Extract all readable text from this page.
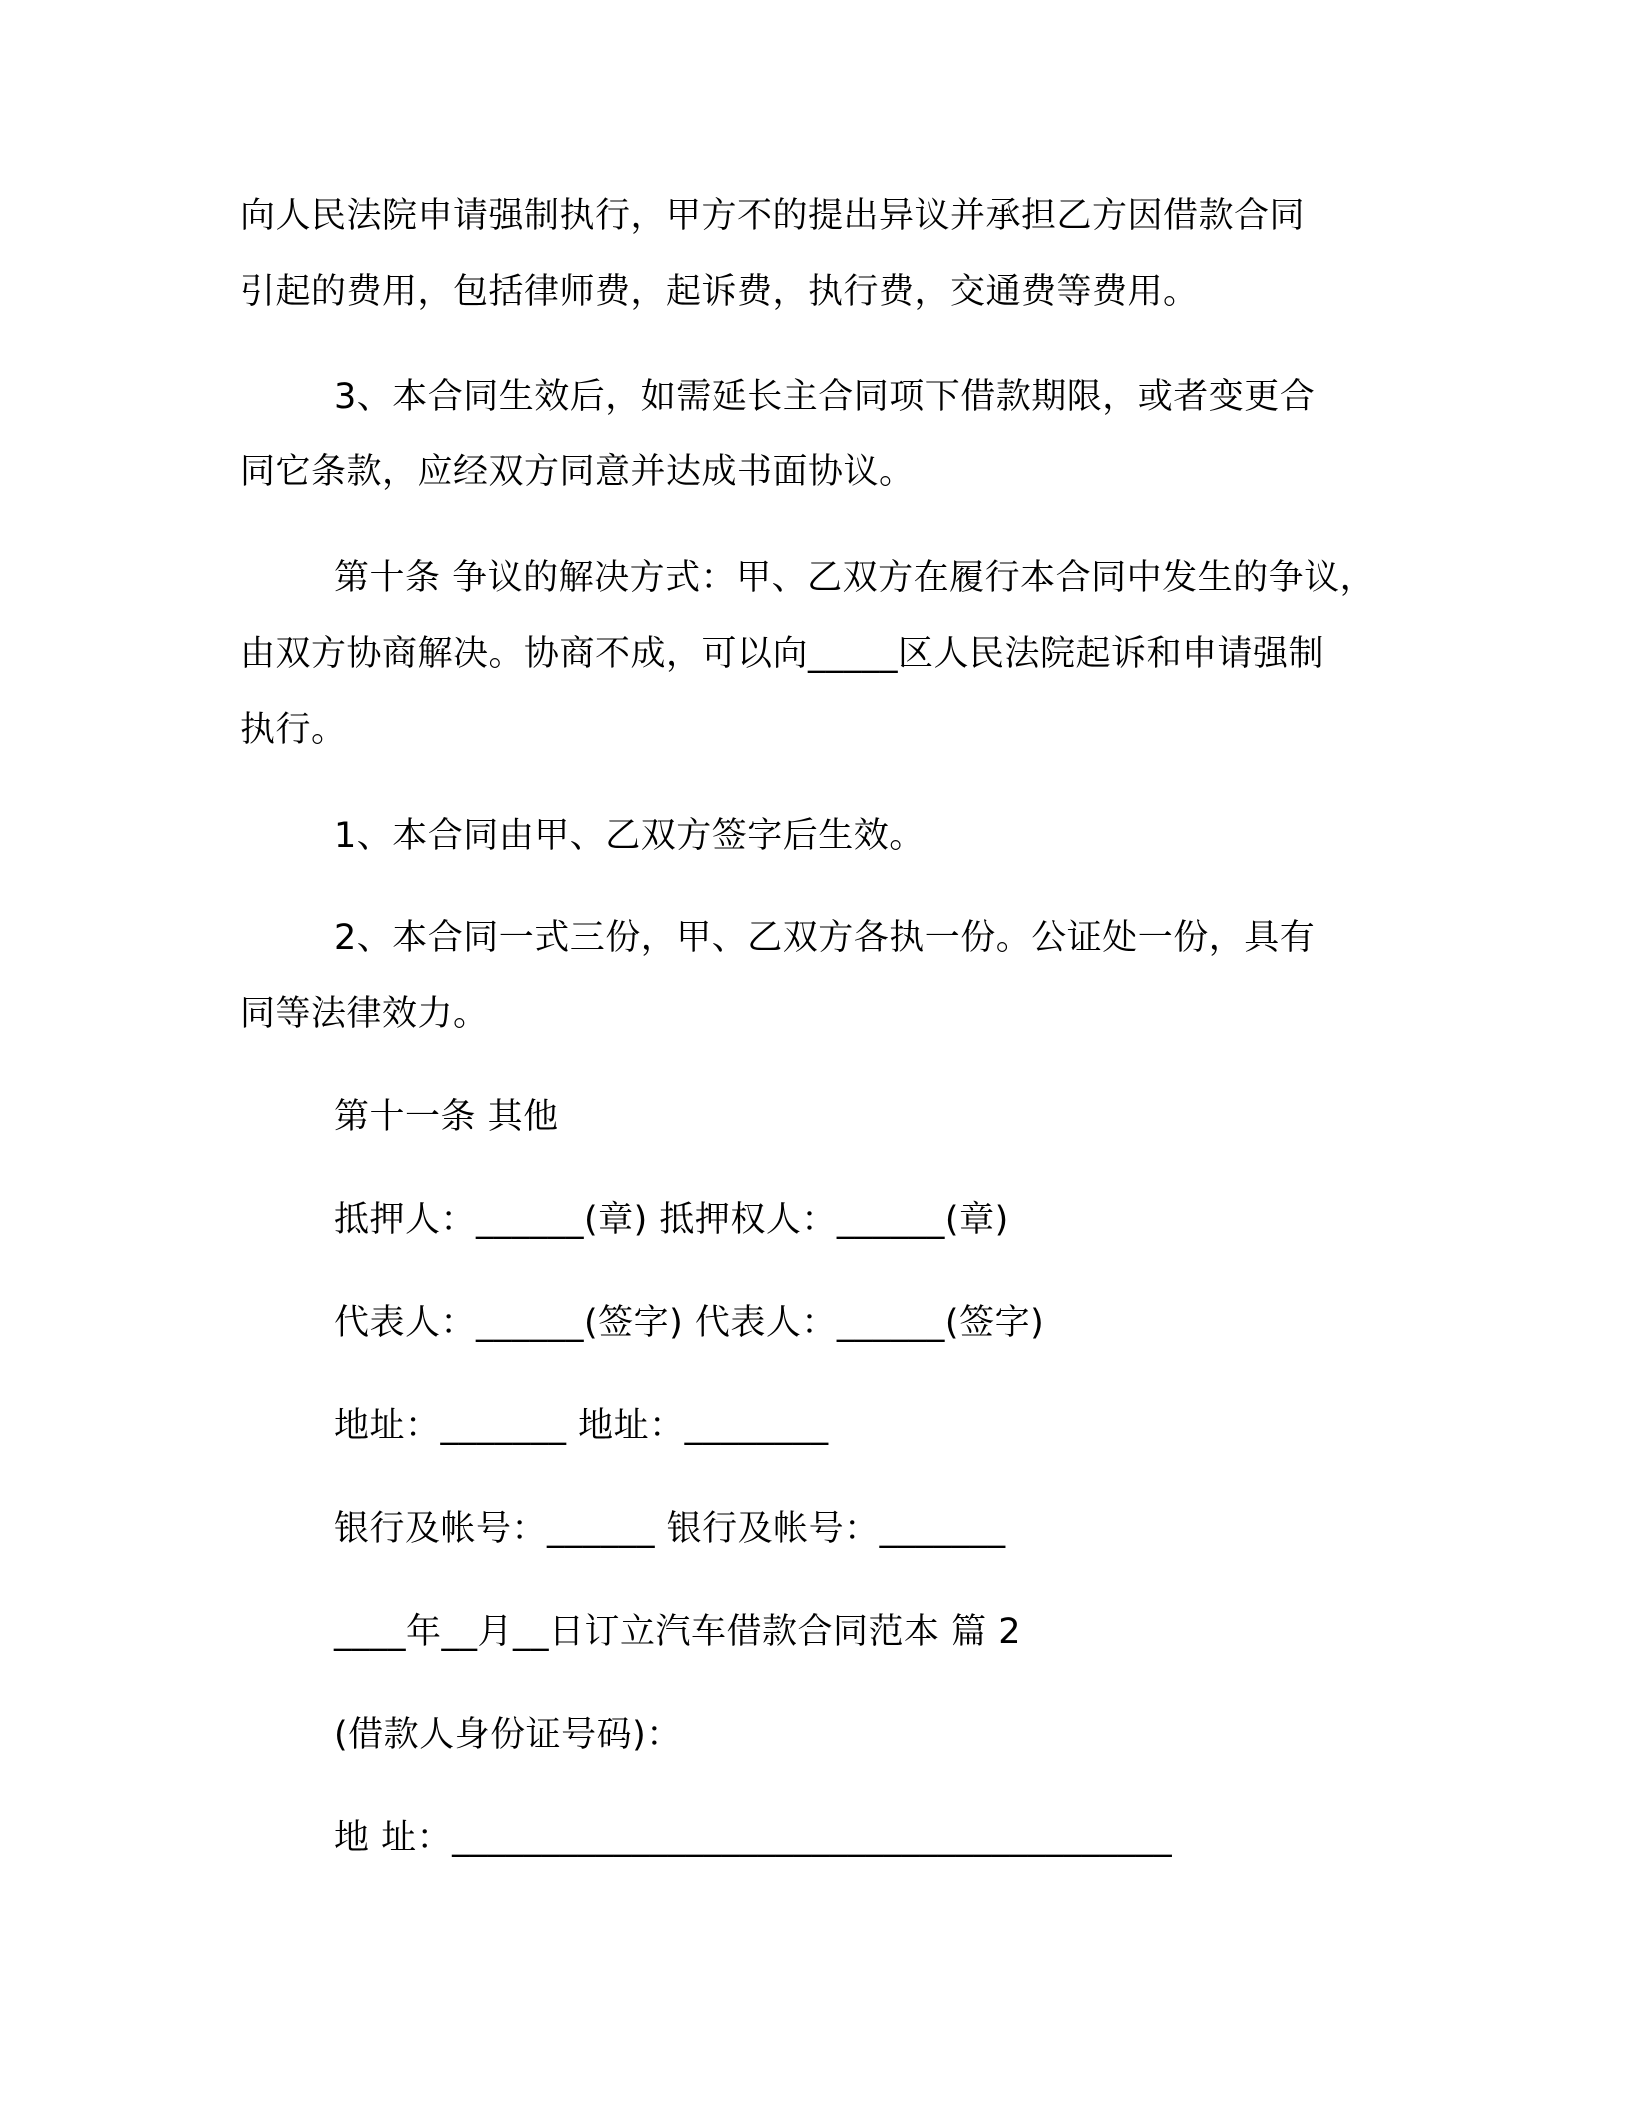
向人民法院申请强制执行，甲方不的提出异议并承担乙方因借款合同
引起的费用，包括律师费，起诉费，执行费，交通费等费用。
3、本合同生效后，如需延长主合同项下借款期限，或者变更合
同它条款，应经双方同意并达成书面协议。
第十条 争议的解决方式：甲、乙双方在履行本合同中发生的争议，
由双方协商解决。协商不成，可以向_____区人民法院起诉和申请强制
执行。
1、本合同由甲、乙双方签字后生效。
2、本合同一式三份，甲、乙双方各执一份。公证处一份，具有
同等法律效力。
第十一条 其他
抵押人：______(章) 抵押权人：______(章)
代表人：______(签字) 代表人：______(签字)
地址：_______ 地址：________
银行及帐号：______ 银行及帐号：_______
____年__月__日订立汽车借款合同范本 篇 2
(借款人身份证号码)：
地 址：________________________________________
